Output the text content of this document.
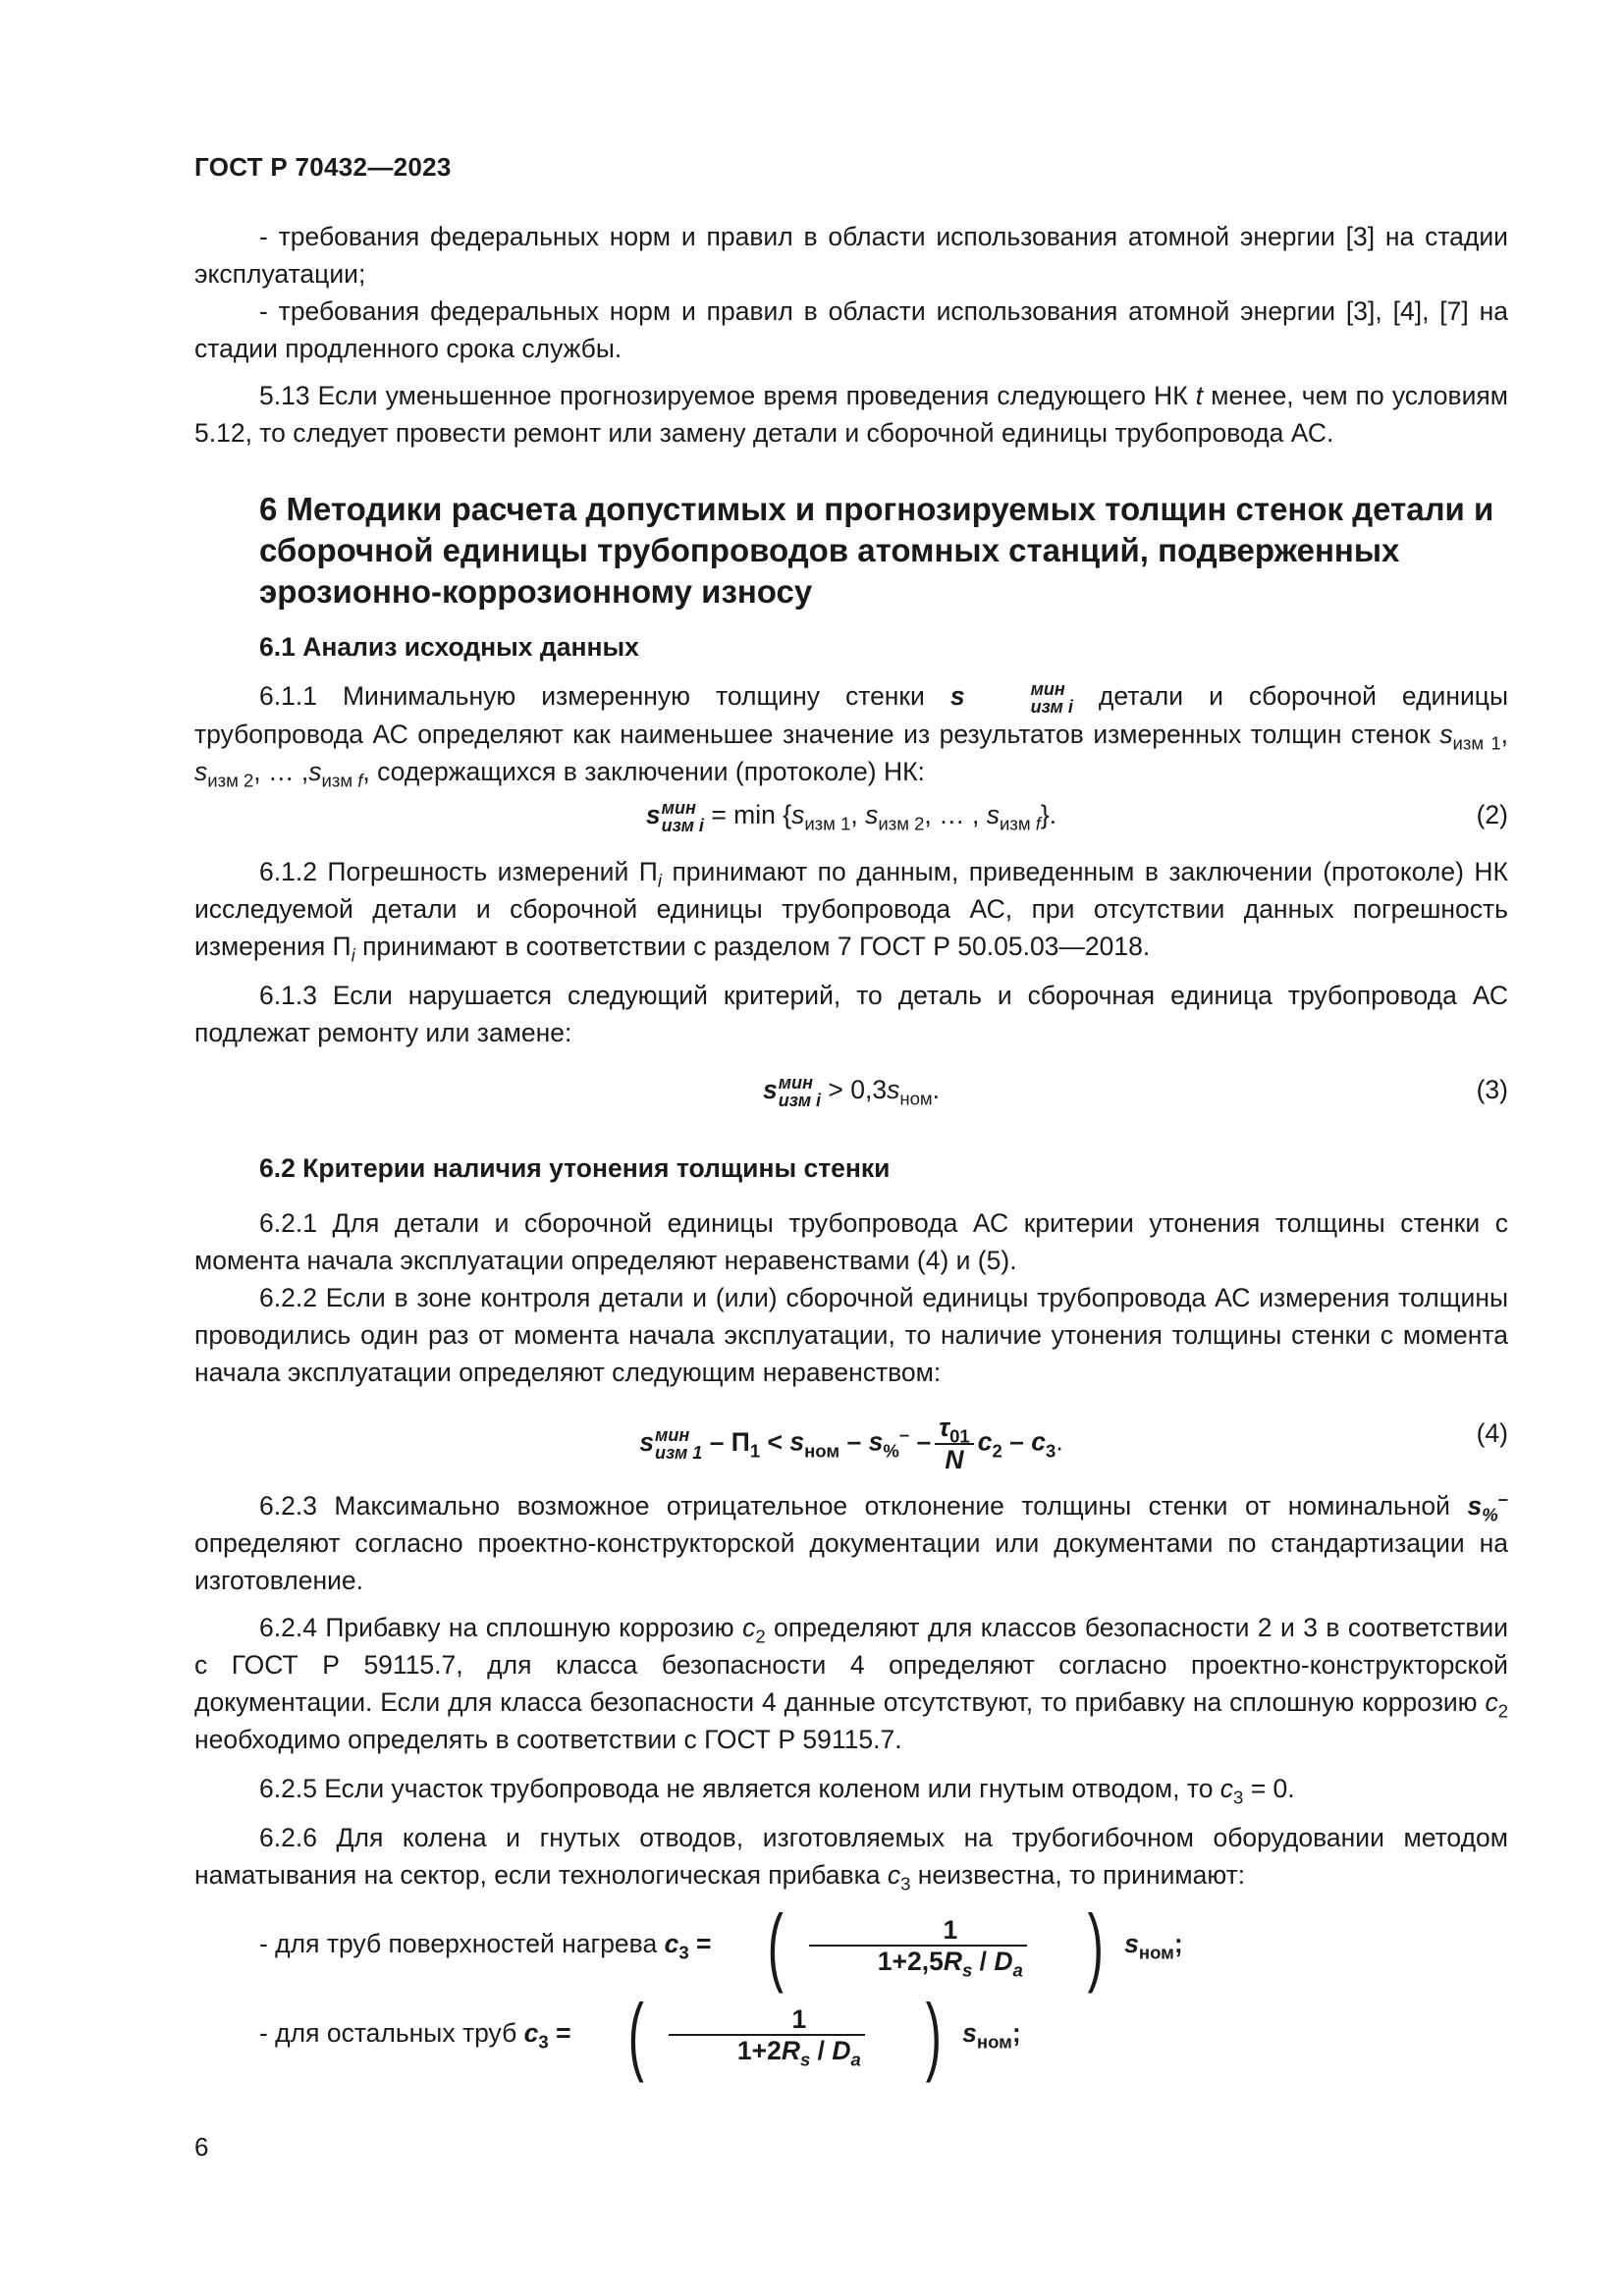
ГОСТ Р 70432—2023

- требования федеральных норм и правил в области использования атомной энергии [3] на стадии эксплуатации;

- требования федеральных норм и правил в области использования атомной энергии [3], [4], [7] на стадии продленного срока службы.

5.13 Если уменьшенное прогнозируемое время проведения следующего НК t менее, чем по условиям 5.12, то следует провести ремонт или замену детали и сборочной единицы трубопровода АС.

6 Методики расчета допустимых и прогнозируемых толщин стенок детали и сборочной единицы трубопроводов атомных станций, подверженных эрозионно-коррозионному износу
6.1 Анализ исходных данных

6.1.1 Минимальную измеренную толщину стенки s	мин
изм i детали и сборочной единицы трубопровода АС определяют как наименьшее значение из результатов измеренных толщин стенок $s_{изм 1}$, $s_{изм 2}$, … $,s_{изм f}$, содержащихся в заключении (протоколе) НК:

s мин
изм $i = \min \{s_{изм 1}$, $s_{изм 2}$, … , $s_{изм f}$}.	(2)

6.1.2 Погрешность измерений $П_i$ принимают по данным, приведенным в заключении (протоколе) НК исследуемой детали и сборочной единицы трубопровода АС, при отсутствии данных погрешность измерения $П_i$ принимают в соответствии с разделом 7 ГОСТ Р 50.05.03—2018.

6.1.3 Если нарушается следующий критерий, то деталь и сборочная единица трубопровода АС подлежат ремонту или замене:

s мин
изм $i > 0,3s_{ном}$.	(3)
6.2 Критерии наличия утонения толщины стенки

6.2.1 Для детали и сборочной единицы трубопровода АС критерии утонения толщины стенки с момента начала эксплуатации определяют неравенствами (4) и (5).

6.2.2 Если в зоне контроля детали и (или) сборочной единицы трубопровода АС измерения толщины проводились один раз от момента начала эксплуатации, то наличие утонения толщины стенки с момента начала эксплуатации определяют следующим неравенством:

s мин
изм $1 - П_1 < s_{ном} - s_{\%}^- - \frac{\tau_{01}}{N} c_2 - c_3$.	(4)

6.2.3 Максимально возможное отрицательное отклонение толщины стенки от номинальной $s_{\%}^-$ определяют согласно проектно-конструкторской документации или документами по стандартизации на изготовление.

6.2.4 Прибавку на сплошную коррозию $c_2$ определяют для классов безопасности 2 и 3 в соответствии с ГОСТ Р 59115.7, для класса безопасности 4 определяют согласно проектно-конструкторской документации. Если для класса безопасности 4 данные отсутствуют, то прибавку на сплошную коррозию $c_2$ необходимо определять в соответствии с ГОСТ Р 59115.7.

6.2.5 Если участок трубопровода не является коленом или гнутым отводом, то $c_3 = 0$.

6.2.6 Для колена и гнутых отводов, изготовляемых на трубогибочном оборудовании методом наматывания на сектор, если технологическая прибавка $c_3$ неизвестна, то принимают:

- для труб поверхностей нагрева $c_3$ = ( $\frac{1}{1+2,5R_s / D_a}$ ) $s_{ном}$;

- для остальных труб $c_3$ = ( $\frac{1}{1+2R_s / D_a}$ ) $s_{ном}$;

6
